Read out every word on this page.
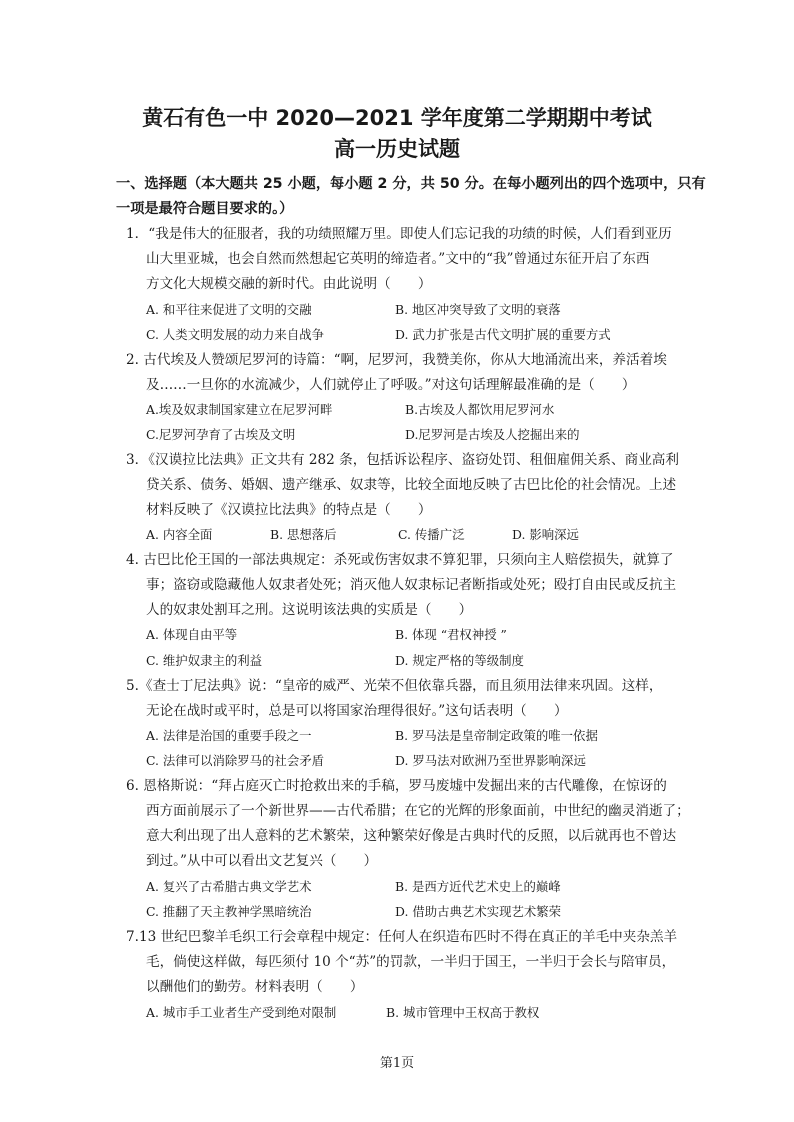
黄石有色一中 2020—2021 学年度第二学期期中考试
高一历史试题
一、选择题（本大题共 25 小题，每小题 2 分，共 50 分。在每小题列出的四个选项中，只有一项是最符合题目要求的。）
1．“我是伟大的征服者，我的功绩照耀万里。即使人们忘记我的功绩的时候，人们看到亚历
山大里亚城，也会自然而然想起它英明的缔造者。”文中的“我”曾通过东征开启了东西
方文化大规模交融的新时代。由此说明（　　）
A. 和平往来促进了文明的交融	B. 地区冲突导致了文明的衰落
C. 人类文明发展的动力来自战争	D. 武力扩张是古代文明扩展的重要方式
2. 古代埃及人赞颂尼罗河的诗篇：“啊，尼罗河，我赞美你，你从大地涌流出来，养活着埃
及……一旦你的水流减少，人们就停止了呼吸。”对这句话理解最准确的是（　　）
A.埃及奴隶制国家建立在尼罗河畔	B.古埃及人都饮用尼罗河水
C.尼罗河孕育了古埃及文明	D.尼罗河是古埃及人挖掘出来的
3．《汉谟拉比法典》正文共有 282 条，包括诉讼程序、盗窃处罚、租佃雇佣关系、商业高利
贷关系、债务、婚姻、遗产继承、奴隶等，比较全面地反映了古巴比伦的社会情况。上述
材料反映了《汉谟拉比法典》的特点是（　　）
A. 内容全面	B. 思想落后	C. 传播广泛	D. 影响深远
4. 古巴比伦王国的一部法典规定：杀死或伤害奴隶不算犯罪，只须向主人赔偿损失，就算了
事；盗窃或隐藏他人奴隶者处死；消灭他人奴隶标记者断指或处死；殴打自由民或反抗主
人的奴隶处割耳之刑。这说明该法典的实质是（　　）
A. 体现自由平等	B. 体现 “君权神授 ”
C. 维护奴隶主的利益	D. 规定严格的等级制度
5.《查士丁尼法典》说：“皇帝的威严、光荣不但依靠兵器，而且须用法律来巩固。这样，
无论在战时或平时，总是可以将国家治理得很好。”这句话表明（　　）
A. 法律是治国的重要手段之一	B. 罗马法是皇帝制定政策的唯一依据
C. 法律可以消除罗马的社会矛盾	D. 罗马法对欧洲乃至世界影响深远
6. 恩格斯说：“拜占庭灭亡时抢救出来的手稿，罗马废墟中发掘出来的古代雕像，在惊讶的
西方面前展示了一个新世界——古代希腊；在它的光辉的形象面前，中世纪的幽灵消逝了；
意大利出现了出人意料的艺术繁荣，这种繁荣好像是古典时代的反照，以后就再也不曾达
到过。”从中可以看出文艺复兴（　　）
A. 复兴了古希腊古典文学艺术	B. 是西方近代艺术史上的巅峰
C. 推翻了天主教神学黑暗统治	D. 借助古典艺术实现艺术繁荣
7.13 世纪巴黎羊毛织工行会章程中规定：任何人在织造布匹时不得在真正的羊毛中夹杂羔羊
毛，倘使这样做，每匹须付 10 个“苏”的罚款，一半归于国王，一半归于会长与陪审员，
以酬他们的勤劳。材料表明（　　）
A. 城市手工业者生产受到绝对限制	B. 城市管理中王权高于教权
第1页
